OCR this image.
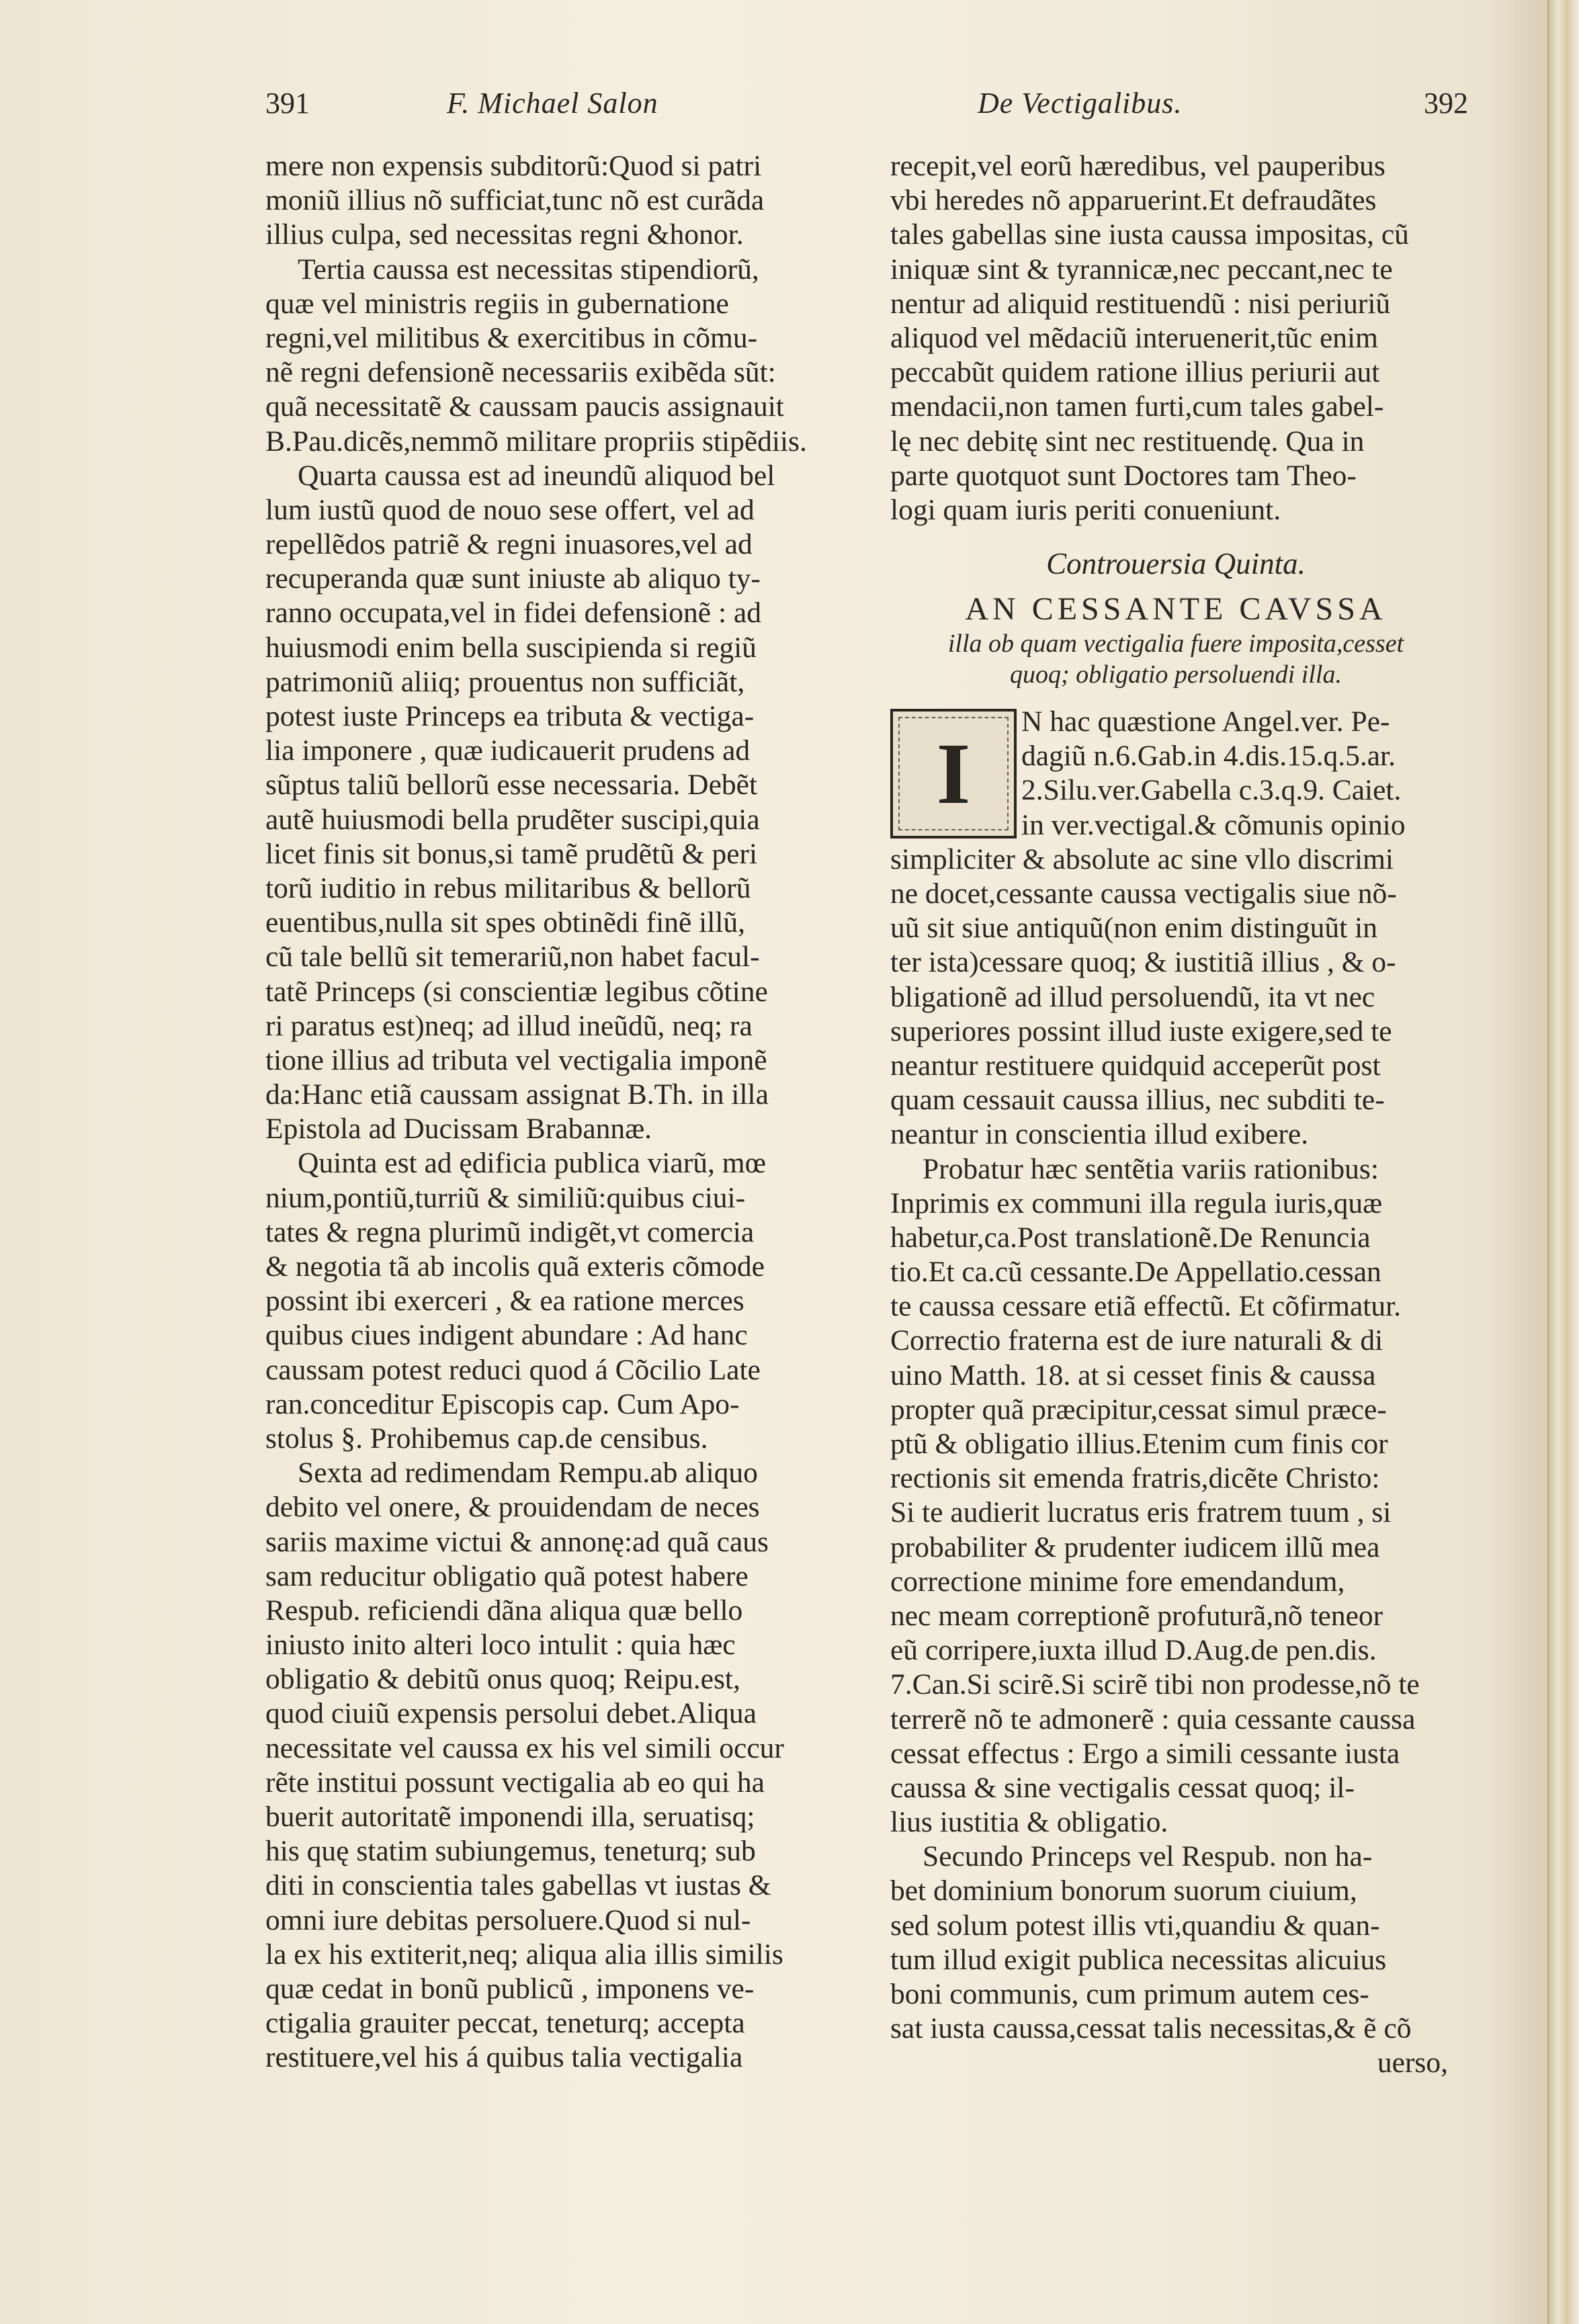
391	F. Michael Salon	De Vectigalibus.	392
mere non expensis subditorũ:Quod si patri
moniũ illius nõ sufficiat,tunc nõ est curãda
illius culpa, sed necessitas regni &honor.
Tertia caussa est necessitas stipendiorũ,
quæ vel ministris regiis in gubernatione
regni,vel militibus & exercitibus in cõmu-
nẽ regni defensionẽ necessariis exibẽda sũt:
quã necessitatẽ & caussam paucis assignauit
B.Pau.dicẽs,nemmõ militare propriis stipẽdiis.
Quarta caussa est ad ineundũ aliquod bel
lum iustũ quod de nouo sese offert, vel ad
repellẽdos patriẽ & regni inuasores,vel ad
recuperanda quæ sunt iniuste ab aliquo ty-
ranno occupata,vel in fidei defensionẽ : ad
huiusmodi enim bella suscipienda si regiũ
patrimoniũ aliiq; prouentus non sufficiãt,
potest iuste Princeps ea tributa & vectiga-
lia imponere , quæ iudicauerit prudens ad
sũptus taliũ bellorũ esse necessaria. Debẽt
autẽ huiusmodi bella prudẽter suscipi,quia
licet finis sit bonus,si tamẽ prudẽtũ & peri
torũ iuditio in rebus militaribus & bellorũ
euentibus,nulla sit spes obtinẽdi finẽ illũ,
cũ tale bellũ sit temerariũ,non habet facul-
tatẽ Princeps (si conscientiæ legibus cõtine
ri paratus est)neq; ad illud ineũdũ, neq; ra
tione illius ad tributa vel vectigalia imponẽ
da:Hanc etiã caussam assignat B.Th. in illa
Epistola ad Ducissam Brabannæ.
Quinta est ad ędificia publica viarũ, mœ
nium,pontiũ,turriũ & similiũ:quibus ciui-
tates & regna plurimũ indigẽt,vt comercia
& negotia tã ab incolis quã exteris cõmode
possint ibi exerceri , & ea ratione merces
quibus ciues indigent abundare : Ad hanc
caussam potest reduci quod á Cõcilio Late
ran.conceditur Episcopis cap. Cum Apo-
stolus §. Prohibemus cap.de censibus.
Sexta ad redimendam Rempu.ab aliquo
debito vel onere, & prouidendam de neces
sariis maxime victui & annonę:ad quã caus
sam reducitur obligatio quã potest habere
Respub. reficiendi dãna aliqua quæ bello
iniusto inito alteri loco intulit : quia hæc
obligatio & debitũ onus quoq; Reipu.est,
quod ciuiũ expensis persolui debet.Aliqua
necessitate vel caussa ex his vel simili occur
rẽte institui possunt vectigalia ab eo qui ha
buerit autoritatẽ imponendi illa, seruatisq;
his quę statim subiungemus, teneturq; sub
diti in conscientia tales gabellas vt iustas &
omni iure debitas persoluere.Quod si nul-
la ex his extiterit,neq; aliqua alia illis similis
quæ cedat in bonũ publicũ , imponens ve-
ctigalia grauiter peccat, teneturq; accepta
restituere,vel his á quibus talia vectigalia
recepit,vel eorũ hæredibus, vel pauperibus
vbi heredes nõ apparuerint.Et defraudãtes
tales gabellas sine iusta caussa impositas, cũ
iniquæ sint & tyrannicæ,nec peccant,nec te
nentur ad aliquid restituendũ : nisi periuriũ
aliquod vel mẽdaciũ interuenerit,tũc enim
peccabũt quidem ratione illius periurii aut
mendacii,non tamen furti,cum tales gabel-
lę nec debitę sint nec restituendę. Qua in
parte quotquot sunt Doctores tam Theo-
logi quam iuris periti conueniunt.
Controuersia Quinta.
AN CESSANTE CAVSSA
illa ob quam vectigalia fuere imposita,cesset
quoq; obligatio persoluendi illa.
I
N hac quæstione Angel.ver. Pe-
dagiũ n.6.Gab.in 4.dis.15.q.5.ar.
2.Silu.ver.Gabella c.3.q.9. Caiet.
in ver.vectigal.& cõmunis opinio
simpliciter & absolute ac sine vllo discrimi
ne docet,cessante caussa vectigalis siue nõ-
uũ sit siue antiquũ(non enim distinguũt in
ter ista)cessare quoq; & iustitiã illius , & o-
bligationẽ ad illud persoluendũ, ita vt nec
superiores possint illud iuste exigere,sed te
neantur restituere quidquid acceperũt post
quam cessauit caussa illius, nec subditi te-
neantur in conscientia illud exibere.
Probatur hæc sentẽtia variis rationibus:
Inprimis ex communi illa regula iuris,quæ
habetur,ca.Post translationẽ.De Renuncia
tio.Et ca.cũ cessante.De Appellatio.cessan
te caussa cessare etiã effectũ. Et cõfirmatur.
Correctio fraterna est de iure naturali & di
uino Matth. 18. at si cesset finis & caussa
propter quã præcipitur,cessat simul præce-
ptũ & obligatio illius.Etenim cum finis cor
rectionis sit emenda fratris,dicẽte Christo:
Si te audierit lucratus eris fratrem tuum , si
probabiliter & prudenter iudicem illũ mea
correctione minime fore emendandum,
nec meam correptionẽ profuturã,nõ teneor
eũ corripere,iuxta illud D.Aug.de pen.dis.
7.Can.Si scirẽ.Si scirẽ tibi non prodesse,nõ te
terrerẽ nõ te admonerẽ : quia cessante caussa
cessat effectus : Ergo a simili cessante iusta
caussa & sine vectigalis cessat quoq; il-
lius iustitia & obligatio.
Secundo Princeps vel Respub. non ha-
bet dominium bonorum suorum ciuium,
sed solum potest illis vti,quandiu & quan-
tum illud exigit publica necessitas alicuius
boni communis, cum primum autem ces-
sat iusta caussa,cessat talis necessitas,& ẽ cõ
uerso,
